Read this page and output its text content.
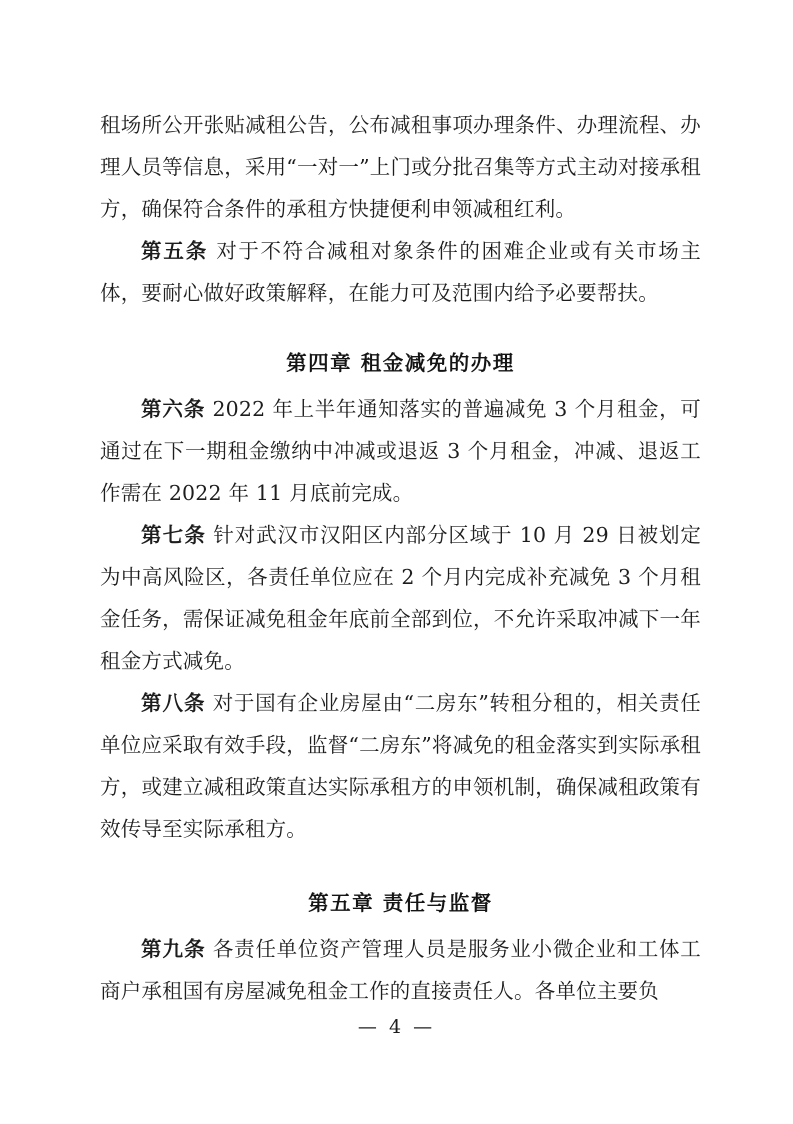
租场所公开张贴减租公告，公布减租事项办理条件、办理流程、办理人员等信息，采用“一对一”上门或分批召集等方式主动对接承租方，确保符合条件的承租方快捷便利申领减租红利。

第五条 对于不符合减租对象条件的困难企业或有关市场主体，要耐心做好政策解释，在能力可及范围内给予必要帮扶。

第四章 租金减免的办理

第六条 2022 年上半年通知落实的普遍减免 3 个月租金，可通过在下一期租金缴纳中冲减或退返 3 个月租金，冲减、退返工作需在 2022 年 11 月底前完成。

第七条 针对武汉市汉阳区内部分区域于 10 月 29 日被划定为中高风险区，各责任单位应在 2 个月内完成补充减免 3 个月租金任务，需保证减免租金年底前全部到位，不允许采取冲减下一年租金方式减免。

第八条 对于国有企业房屋由“二房东”转租分租的，相关责任单位应采取有效手段，监督“二房东”将减免的租金落实到实际承租方，或建立减租政策直达实际承租方的申领机制，确保减租政策有效传导至实际承租方。

第五章 责任与监督

第九条 各责任单位资产管理人员是服务业小微企业和工体工商户承租国有房屋减免租金工作的直接责任人。各单位主要负

— 4 —
